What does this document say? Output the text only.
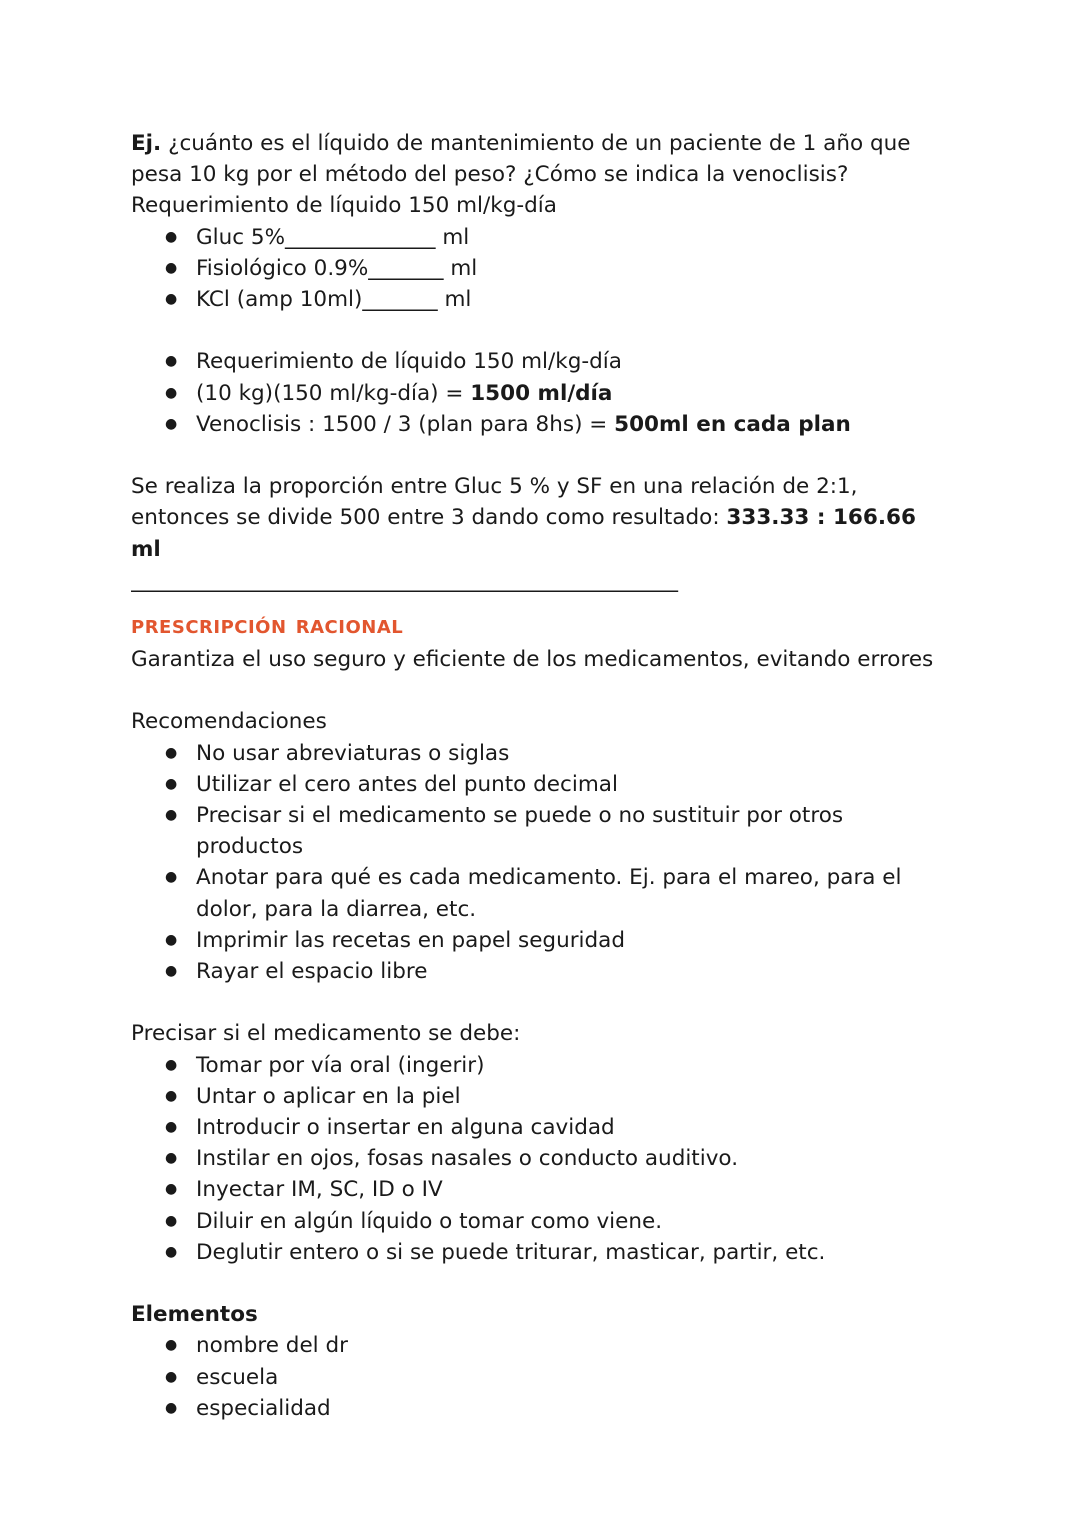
Ej. ¿cuánto es el líquido de mantenimiento de un paciente de 1 año que pesa 10 kg por el método del peso? ¿Cómo se indica la venoclisis?

Requerimiento de líquido 150 ml/kg-día

● Gluc 5%______________ ml
● Fisiológico 0.9%_______ ml
● KCl (amp 10ml)_______ ml
● Requerimiento de líquido 150 ml/kg-día
● (10 kg)(150 ml/kg-día) = 1500 ml/día
● Venoclisis : 1500 / 3 (plan para 8hs) = 500ml en cada plan

Se realiza la proporción entre Gluc 5 % y SF en una relación de 2:1, entonces se divide 500 entre 3 dando como resultado: 333.33 : 166.66 ml

________________________________________________________

prescripción racional

Garantiza el uso seguro y eficiente de los medicamentos, evitando errores

Recomendaciones

● No usar abreviaturas o siglas
● Utilizar el cero antes del punto decimal
● Precisar si el medicamento se puede o no sustituir por otros productos
● Anotar para qué es cada medicamento. Ej. para el mareo, para el dolor, para la diarrea, etc.
● Imprimir las recetas en papel seguridad
● Rayar el espacio libre

Precisar si el medicamento se debe:

● Tomar por vía oral (ingerir)
● Untar o aplicar en la piel
● Introducir o insertar en alguna cavidad
● Instilar en ojos, fosas nasales o conducto auditivo.
● Inyectar IM, SC, ID o IV
● Diluir en algún líquido o tomar como viene.
● Deglutir entero o si se puede triturar, masticar, partir, etc.

Elementos

● nombre del dr
● escuela
● especialidad
